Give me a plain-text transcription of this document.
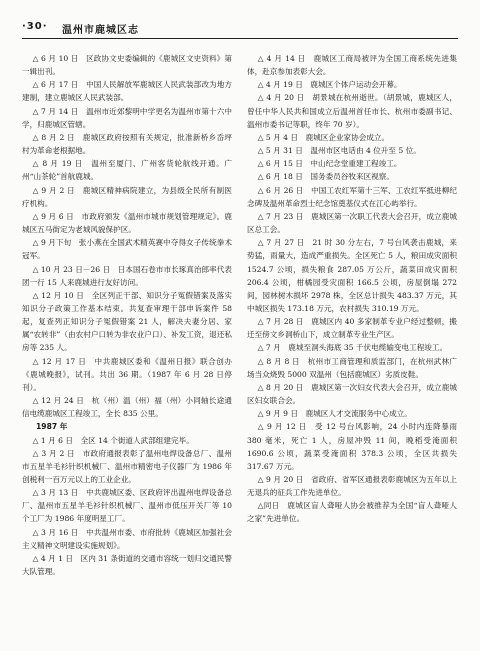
·30· 温州市鹿城区志

△ 6 月 10 日　区政协文史委编辑的《鹿城区文史资料》第一辑出刊。

△ 6 月 17 日　中国人民解放军鹿城区人民武装部改为地方建制，建立鹿城区人民武装部。

△ 7 月 14 日　温州市近郊黎明中学更名为温州市第十六中学，归鹿城区管辖。

△ 8 月 2 日　鹿城区政府按照有关规定，批准新桥乡岙坪村为革命老根据地。

△ 8 月 19 日　温州至厦门、广州客货轮航线开通。广州“山茶轮”首航鹿城。

△ 9 月 2 日　鹿城区精神病院建立，为县级全民所有制医疗机构。

△ 9 月 6 日　市政府颁发《温州市城市规划管理规定》。鹿城区五马街定为老城风貌保护区。

△ 9 月下旬　张小燕在全国武术精英赛中夺得女子传统拳术冠军。

△ 10 月 23 日－26 日　日本国石卷市市长琢真治郎率代表团一行 15 人来鹿城进行友好访问。

△ 12 月 10 日　全区列正干部、知识分子冤假错案及落实知识分子政策工作基本结束。共复查审理干部申诉案件 58 起，复查列正知识分子冤假错案 21 人，解决夫妻分居、家属“农转非”（由农村户口转为非农业户口）、补发工资，退还私房等 235 人。

△ 12 月 17 日　中共鹿城区委和《温州日报》联合创办《鹿城晚报》，试刊。共出 36 期。（1987 年 6 月 28 日停刊）。

△ 12 月 24 日　杭（州）温（州）福（州）小同轴长途通信电缆鹿城区工程竣工，全长 835 公里。

1987 年

△ 1 月 6 日　全区 14 个街道人武部组建完毕。

△ 3 月 2 日　市政府通报表彰了温州电焊设备总厂、温州市五星羊毛衫针织机械厂、温州市精密电子仪器厂为 1986 年创税利一百万元以上的工业企业。

△ 3 月 13 日　中共鹿城区委、区政府评出温州电焊设备总厂、温州市五星羊毛衫针织机械厂、温州市低压开关厂等 10 个工厂为 1986 年度明星工厂。

△ 3 月 16 日　中共温州市委、市府批转《鹿城区加强社会主义精神文明建设实施规划》。

△ 4 月 1 日　区内 31 条街道的交通市容统一划归交通民警大队管理。

△ 4 月 14 日　鹿城区工商局被评为全国工商系统先进集体，赴京参加表彰大会。

△ 4 月 19 日　鹿城区个体户运动会开幕。

△ 4 月 20 日　胡景城在杭州逝世。（胡景城，鹿城区人，曾任中华人民共和国成立后温州首任市长、杭州市委副书记、温州市委书记等职，终年 70 岁）。

△ 5 月 4 日　鹿城区企业家协会成立。

△ 5 月 31 日　温州市区电话由 4 位升至 5 位。

△ 6 月 15 日　中山纪念堂重建工程竣工。

△ 6 月 18 日　国务委员谷牧来区视察。

△ 6 月 26 日　中国工农红军第十三军、工农红军抵进柳纪念碑及温州革命烈士纪念馆奠基仪式在江心屿举行。

△ 7 月 23 日　鹿城区第一次职工代表大会召开，成立鹿城区总工会。

△ 7 月 27 日　21 时 30 分左右，7 号台风袭击鹿城，来势猛，雨量大，造成严重损失。全区死亡 5 人，粮田成灾面积 1524.7 公顷，损失粮食 287.05 万公斤，蔬菜田成灾面积 206.4 公顷，柑橘园受灾面积 166.5 公顷，房屋倒塌 272 间，园林树木损坏 2978 株，全区总计损失 483.37 万元，其中城区损失 173.18 万元，农村损失 310.19 万元。

△ 7 月 28 日　鹿城区内 40 多家制革专业户经过整顿，搬迁至傍文乡洞桥山下，成立制革专业生产区。

△ 7 月　鹿城至洞头海底 35 千伏电缆输变电工程竣工。

△ 8 月 8 日　杭州市工商管理和质监部门，在杭州武林广场当众烧毁 5000 双温州（包括鹿城区）劣质皮鞋。

△ 8 月 20 日　鹿城区第一次妇女代表大会召开，成立鹿城区妇女联合会。

△ 9 月 9 日　鹿城区人才交流服务中心成立。

△ 9 月 12 日　受 12 号台风影响，24 小时内连降暴雨 380 毫米，死亡 1 人，房屋冲毁 11 间，晚稻受淹面积 1690.6 公顷，蔬菜受淹面积 378.3 公顷，全区共损失 317.67 万元。

△ 9 月 20 日　省政府、省军区通报表彰鹿城区为五年以上无退兵的征兵工作先进单位。

△同日　鹿城区盲人聋哑人协会被推荐为全国“盲人聋哑人之家”先进单位。
